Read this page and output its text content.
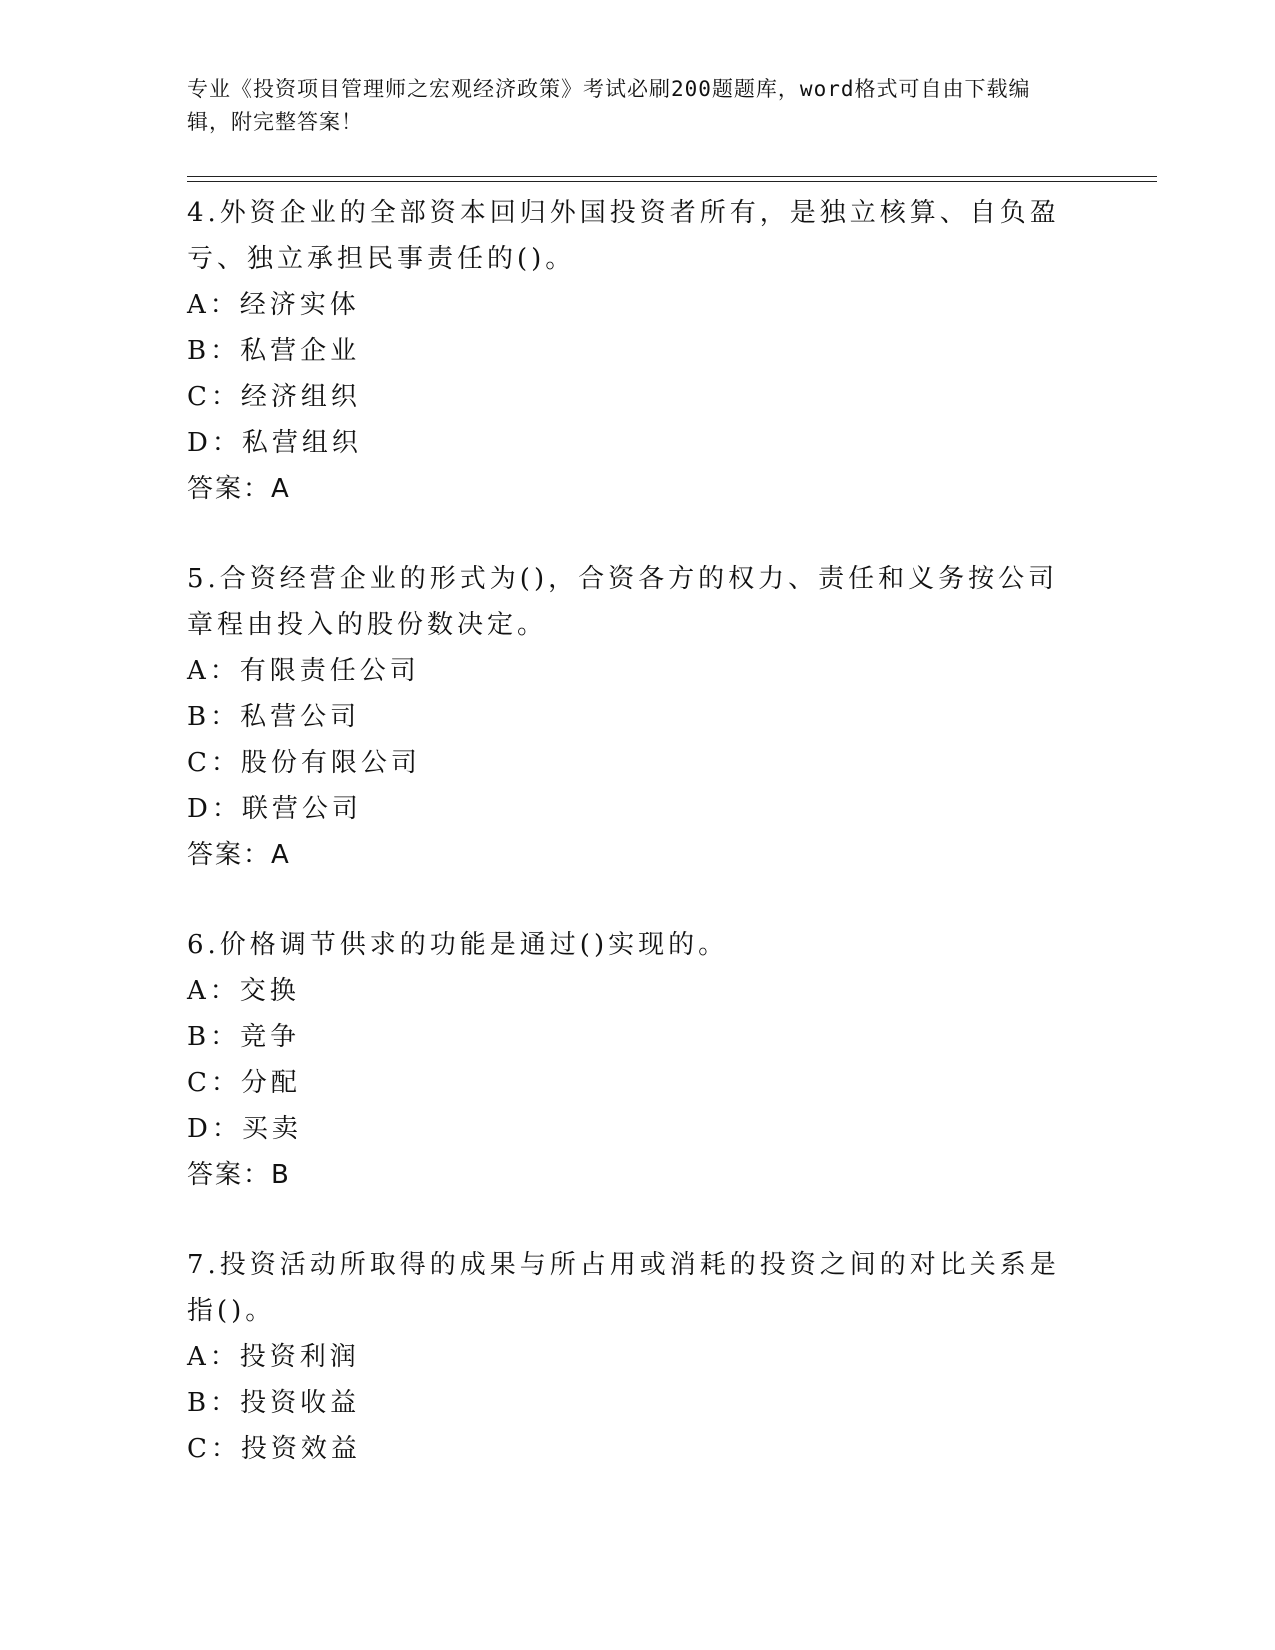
专业《投资项目管理师之宏观经济政策》考试必刷200题题库，word格式可自由下载编辑，附完整答案！
4.外资企业的全部资本回归外国投资者所有，是独立核算、自负盈亏、独立承担民事责任的()。
A：经济实体
B：私营企业
C：经济组织
D：私营组织
答案：A
5.合资经营企业的形式为()，合资各方的权力、责任和义务按公司章程由投入的股份数决定。
A：有限责任公司
B：私营公司
C：股份有限公司
D：联营公司
答案：A
6.价格调节供求的功能是通过()实现的。
A：交换
B：竞争
C：分配
D：买卖
答案：B
7.投资活动所取得的成果与所占用或消耗的投资之间的对比关系是指()。
A：投资利润
B：投资收益
C：投资效益
